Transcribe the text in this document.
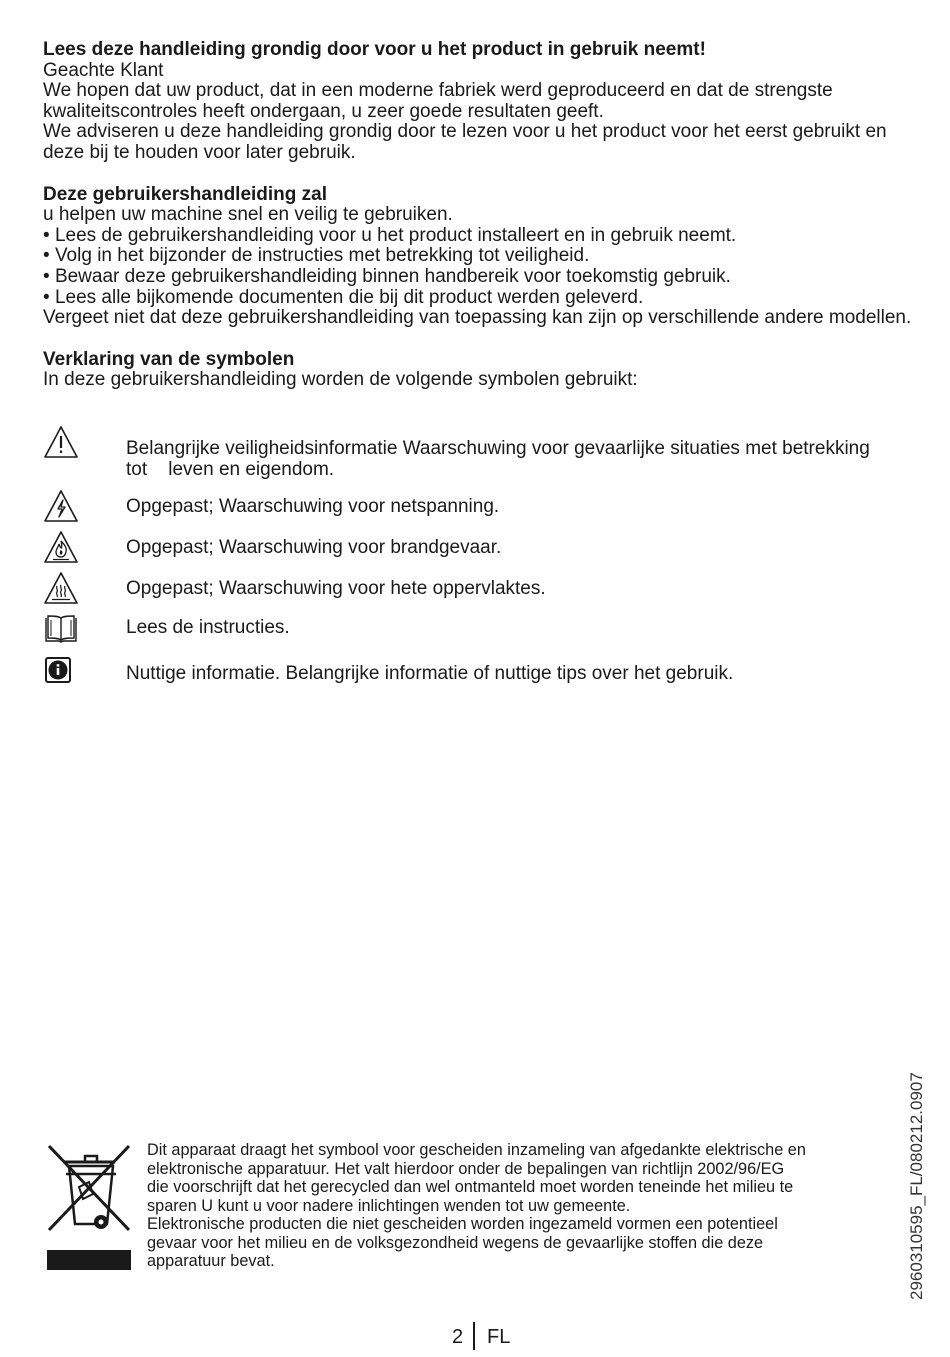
Lees deze handleiding grondig door voor u het product in gebruik neemt!

Geachte Klant

We hopen dat uw product, dat in een moderne fabriek werd geproduceerd en dat de strengste kwaliteitscontroles heeft ondergaan, u zeer goede resultaten geeft.

We adviseren u deze handleiding grondig door te lezen voor u het product voor het eerst gebruikt en deze bij te houden voor later gebruik.

Deze gebruikershandleiding zal

u helpen uw machine snel en veilig te gebruiken.

• Lees de gebruikershandleiding voor u het product installeert en in gebruik neemt.

• Volg in het bijzonder de instructies met betrekking tot veiligheid.

• Bewaar deze gebruikershandleiding binnen handbereik voor toekomstig gebruik.

• Lees alle bijkomende documenten die bij dit product werden geleverd.

Vergeet niet dat deze gebruikershandleiding van toepassing kan zijn op verschillende andere modellen.

Verklaring van de symbolen

In deze gebruikershandleiding worden de volgende symbolen gebruikt:

Belangrijke veiligheidsinformatie Waarschuwing voor gevaarlijke situaties met betrekking
tot    leven en eigendom.
Opgepast; Waarschuwing voor netspanning.
Opgepast; Waarschuwing voor brandgevaar.
Opgepast; Waarschuwing voor hete oppervlaktes.
Lees de instructies.
Nuttige informatie. Belangrijke informatie of nuttige tips over het gebruik.
Dit apparaat draagt het symbool voor gescheiden inzameling van afgedankte elektrische en
elektronische apparatuur. Het valt hierdoor onder de bepalingen van richtlijn 2002/96/EG
die voorschrijft dat het gerecycled dan wel ontmanteld moet worden teneinde het milieu te
sparen U kunt u voor nadere inlichtingen wenden tot uw gemeente.
Elektronische producten die niet gescheiden worden ingezameld vormen een potentieel
gevaar voor het milieu en de volksgezondheid wegens de gevaarlijke stoffen die deze
apparatuur bevat.	2960310595_FL/080212.0907
2 FL
